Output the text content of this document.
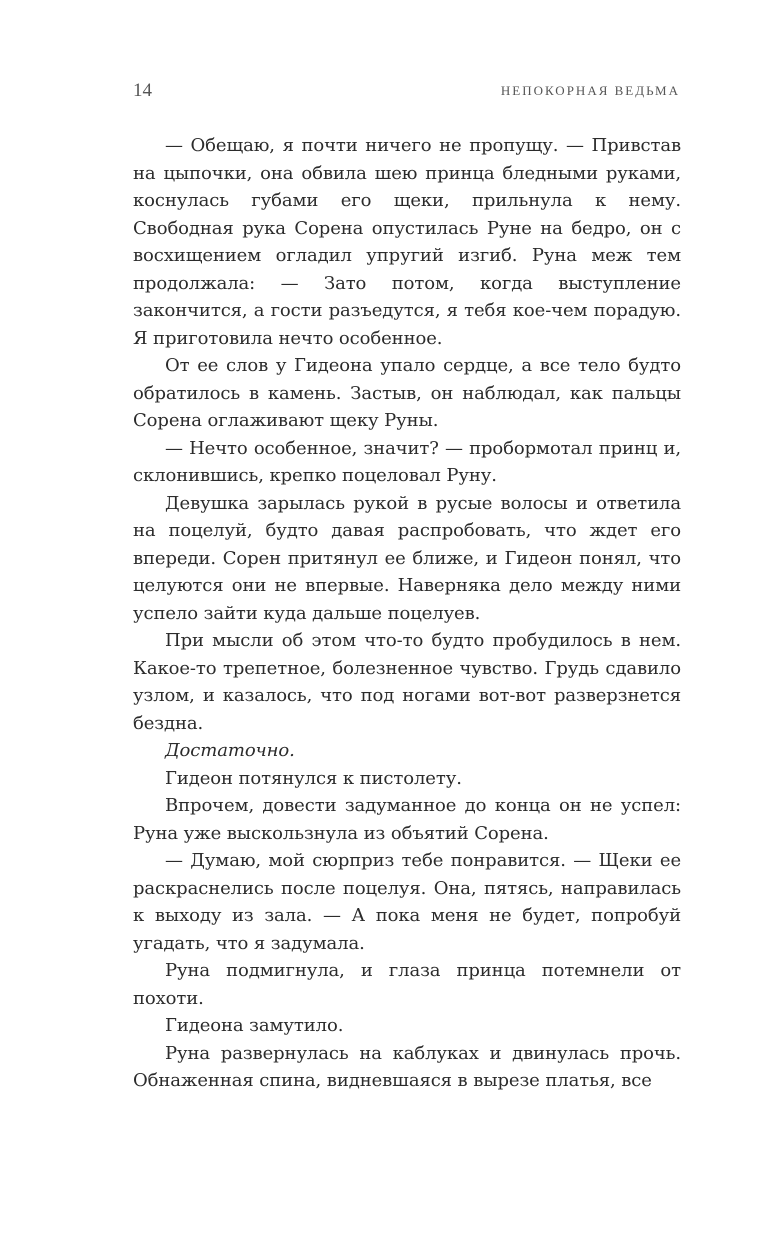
14	НЕПОКОРНАЯ ВЕДЬМА

— Обещаю, я почти ничего не пропущу. — Привстав на цыпочки, она обвила шею принца бледными руками, коснулась губами его щеки, прильнула к нему. Свободная рука Сорена опустилась Руне на бедро, он с восхищением огладил упругий изгиб. Руна меж тем продолжала: — Зато потом, когда выступление закончится, а гости разъедутся, я тебя кое-чем порадую. Я приготовила нечто особенное.

От ее слов у Гидеона упало сердце, а все тело будто обратилось в камень. Застыв, он наблюдал, как пальцы Сорена оглаживают щеку Руны.

— Нечто особенное, значит? — пробормотал принц и, склонившись, крепко поцеловал Руну.

Девушка зарылась рукой в русые волосы и ответила на поцелуй, будто давая распробовать, что ждет его впереди. Сорен притянул ее ближе, и Гидеон понял, что целуются они не впервые. Наверняка дело между ними успело зайти куда дальше поцелуев.

При мысли об этом что-то будто пробудилось в нем. Какое-то трепетное, болезненное чувство. Грудь сдавило узлом, и казалось, что под ногами вот-вот разверзнется бездна.

Достаточно.

Гидеон потянулся к пистолету.

Впрочем, довести задуманное до конца он не успел: Руна уже выскользнула из объятий Сорена.

— Думаю, мой сюрприз тебе понравится. — Щеки ее раскраснелись после поцелуя. Она, пятясь, направилась к выходу из зала. — А пока меня не будет, попробуй угадать, что я задумала.

Руна подмигнула, и глаза принца потемнели от похоти.

Гидеона замутило.

Руна развернулась на каблуках и двинулась прочь. Обнаженная спина, видневшаяся в вырезе платья, все
